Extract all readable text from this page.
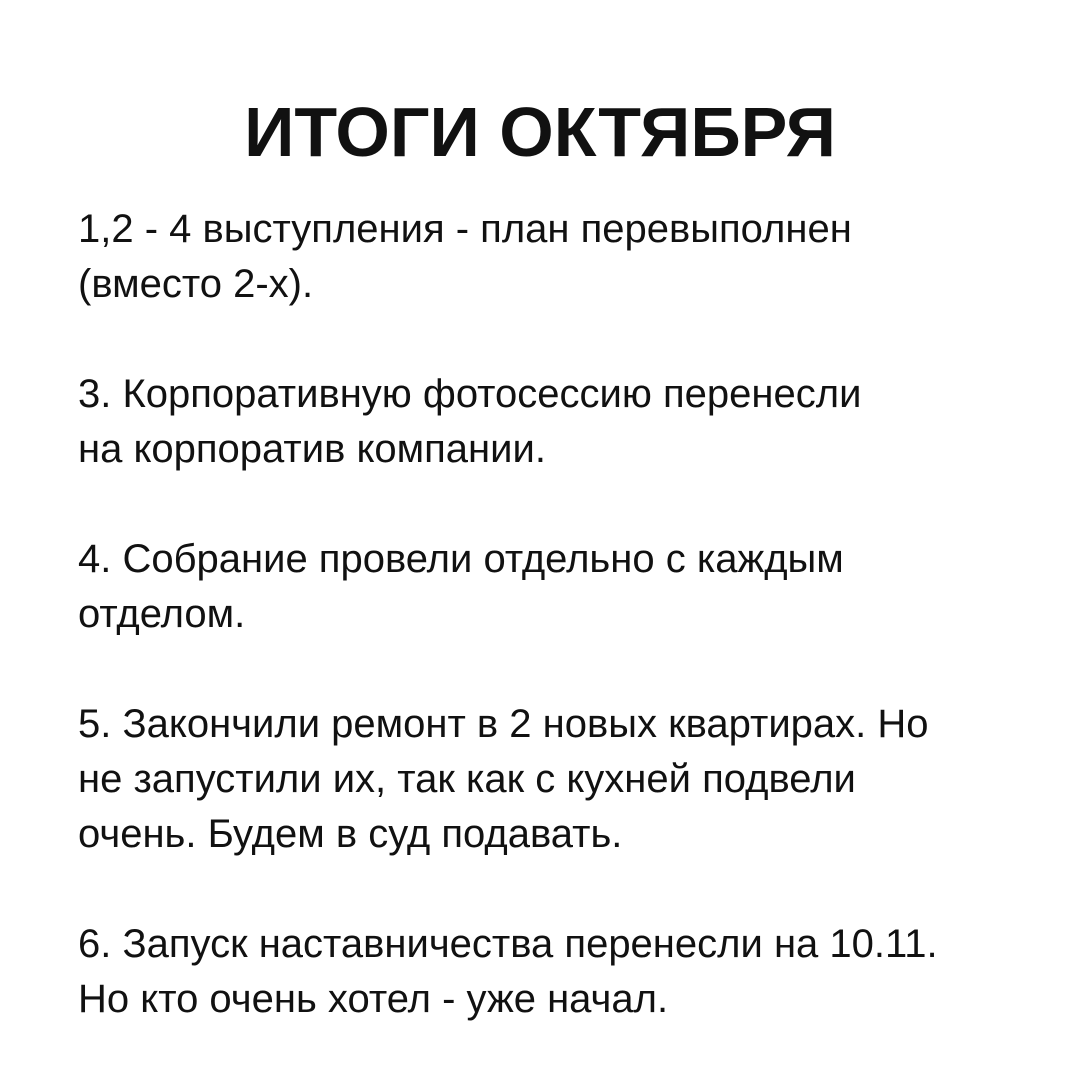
ИТОГИ ОКТЯБРЯ

1,2 - 4 выступления - план перевыполнен
(вместо 2-х).

3. Корпоративную фотосессию перенесли
на корпоратив компании.

4. Собрание провели отдельно с каждым
отделом.

5. Закончили ремонт в 2 новых квартирах. Но
не запустили их, так как с кухней подвели
очень. Будем в суд подавать.

6. Запуск наставничества перенесли на 10.11.
Но кто очень хотел - уже начал.
